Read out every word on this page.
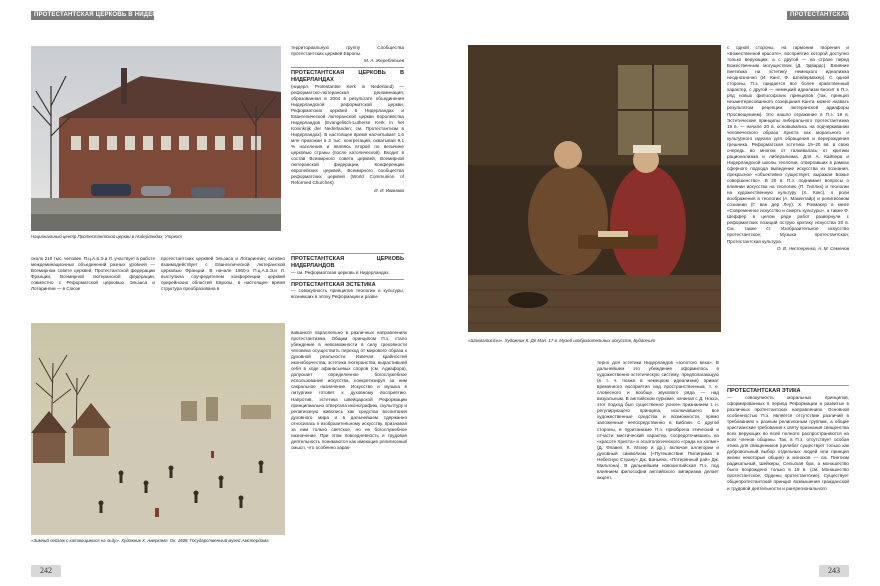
ПРОТЕСТАНТСКАЯ ЦЕРКОВЬ В НИДЕРЛАНДАХ	ПРОТЕСТАНТСКАЯ ЭТИКА
Национальный центр Протестантской церкви в Нидерландах, Утрехт

территориальную группу Сообщества протестантских церквей Европы.

М. А. Жеребятьев

ПРОТЕСТАНТСКАЯ ЦЕРКОВЬ В НИДЕРЛАНДАХ

(нидерл. Protestantse Kerk in Nederland) — реформатско-лютеранская деноминация, образованная в 2004 в результате объединения Нидерландской реформатской церкви, Реформатских церквей в Нидерландах и Евангелической лютеранской церкви Королевства Нидерландов (Evangelisch-Lutherse Kerk in het Koninkrijk der Nederlanden; см. Протестантизм в Нидерландах). В настоящее время насчитывает 1,6 млн прихожан в 2 тыс. конгрегаций, охватывая 9,1 % населения и являясь второй по величине церковью страны (после католической). Входит в состав Всемирного совета церквей, Всемирной лютеранской федерации, Конференции европейских церквей, Всемирного сообщества реформатских церквей (World Communion of Reformed Churches).

И. И. Иванова

ПРОТЕСТАНТСКАЯ ЦЕРКОВЬ НИДЕРЛАНДОВ

— см. Реформатская церковь в Нидерландах.

ПРОТЕСТАНТСКАЯ ЭСТЕТИКА

— совокупность принципов теологии и культуры, возникших в эпоху Реформации и разви-

около 210 тыс. человек. П.ц.А.в.Э.и Л. участвует в работе междеминационных объединений разных уровней — Всемирном совете церквей, Протестантской федерации Франции, Всемирной лютеранской федерации, совместно с Реформатской церковью Эльзаса и Лотарингии — в Союзе

протестантских церквей Эльзаса и Лотарингии; активно взаимодействует с Евангелической лютеранской церковью Франции. В начале 1960-х П.ц.А.в.Э.и Л. выступила соучредителем конференции церквей прирейнских областей Европы, в настоящее время структура преобразована в

«Зимний пейзаж с катающимися на льду». Художник X. Аверкамп. Ок. 1608. Государственный музей Амстердама

вавшихся параллельно в различных направлениях протестантизма. Общим принципом П.э. стало убеждение в невозможности в силу греховности человека осуществить переход от мирового образа к духовной реальности. Извечая крайностей иконоборчества, эстетика лютеранства, вырастившей себя в ходе афанасьевых споров (см. Адиафора), допускает определенное богослужебное использование искусства, конкретизируя за ним сакральное назначение. Искусство и музыка в литургике готовят к духовному восприятию. Напротив, эстетика швейцарской Реформации принципиально отвергала иконографию, скульптуру и религиозную живопись как средства воспитания духовного мира и в дальнейшем сдержанно относилась к изобразительному искусству, признавая за ним только светское, но не богослужебное назначение. При этом повседневность и трудовая деятельность понимаются как имеющие религиозный смысл, что особенно харак-

«Шахматисты». Художник К. Де Ман. 17 в. Музей изобразительных искусств, Будапешт

с одной стороны, на гармонии творения и «Божественной красоте», восприятие которой доступно только верующим, а с другой — на страхе перед Божественным могуществом (Д. Эдвардс). Влияние пиетизма на эстетику немецкого идеализма неоднозначно (И. Кант, Ф. Шлейермахер). С одной стороны, П.э. придается все более нравственный характер, с другой — немецкий идеализм вносит в П.э. ряд новых философских принципов (так, принцип незаинтересованного созерцания Канта можно назвать результатом рецепции лютеранской адиафоры Просвещением). Это нашло отражение в П.э. 19 в. Эстетические принципы либерального протестантизма 19 в. — начале 20 в. основывались на подчеркивании человеческого образа Христа как морального и культурного идеала для обращения и перерождения грешника. Реформатская эстетика 19–20 вв. в свою очередь во многом от талкивалась от критики рационализма и либерализма. Для А. Кайпера и Нидерландской школы теологии, отвергавших в рамках сферного подхода выведение искусства из познания, прекрасное «объективно существует, выражая Божье совершенство». В 20 в. П.э. поднимает вопросы о влиянии искусства на теологию (П. Тиллих) и теологии на художественную культуру (Х. Кокс), о роли воображения в теологии (А. Макинтайр) и религиозном сознании (Г. ван дер Леу). Х. Рокмакер в книге «Современное искусство и смерть культуры», а также Ф. Шеффер в целом ряде работ развернули с реформатских позиций острую критику искусства 20 в. См. также ст. Изобразительное искусство протестантское; Музыка протестантская; Протестантская культура.

О. В. Нестеренко, А. М. Семенов

терно для эстетики Нидерландов «золотого века». В дальнейшем это убеждение оформилось в художественно-эстетическую систему, предполагающую (в т. ч. позже в немецком идеализме) примат временного восприятия над пространственным, т. е. словесного и вообще звукового ряда — над визуальным. В английском пуризме, начиная с Д. Нокса, этот подход был существенно усилен признанием т. н. регулирующего принципа, исключавшего все художественные средства и возможности, прямо заложенные непосредственно в Библии. С другой стороны, в пуританизме П.э. приобрела этический и отчасти мистический характер, сосредоточившись на «красоте Христа» и эсхатологического «града на холме» (Д. Флавел, К. Мэзер и др.), включая аллегории и духовный символизм («Путешествие Пилигрима в Небесную Страну» Дж. Баньяна, «Потерянный рай» Дж. Мильтона). В дальнейшем новоанглийская П.э. под влиянием философии английского эмпиризма делает акцент,

ПРОТЕСТАНТСКАЯ ЭТИКА

— совокупность моральных принципов, сформированных в период Реформации и развитых в различных протестантских направлениях. Основной особенностью П.э. является отсутствие различий в требованиях к разным религиозным группам, а общие христианские требования к святу признания священства всех верующих во всей полноте распространяются на всех членов общины. Так, в П.э. отсутствует особая этика для священников (целибат существует только как добровольный выбор отдельных людей или принцип жизни некоторых общин) и монахов — см. Пиетизм радикальный, Шейкеры, Сельская бра, а монашество было возрождено только в 19 в. (см. Монашество протестантское, Ордены протестантские). Существует общепротестантский принцип возвышения гражданской и трудовой деятельности и рангрегиональнoго

242	243
